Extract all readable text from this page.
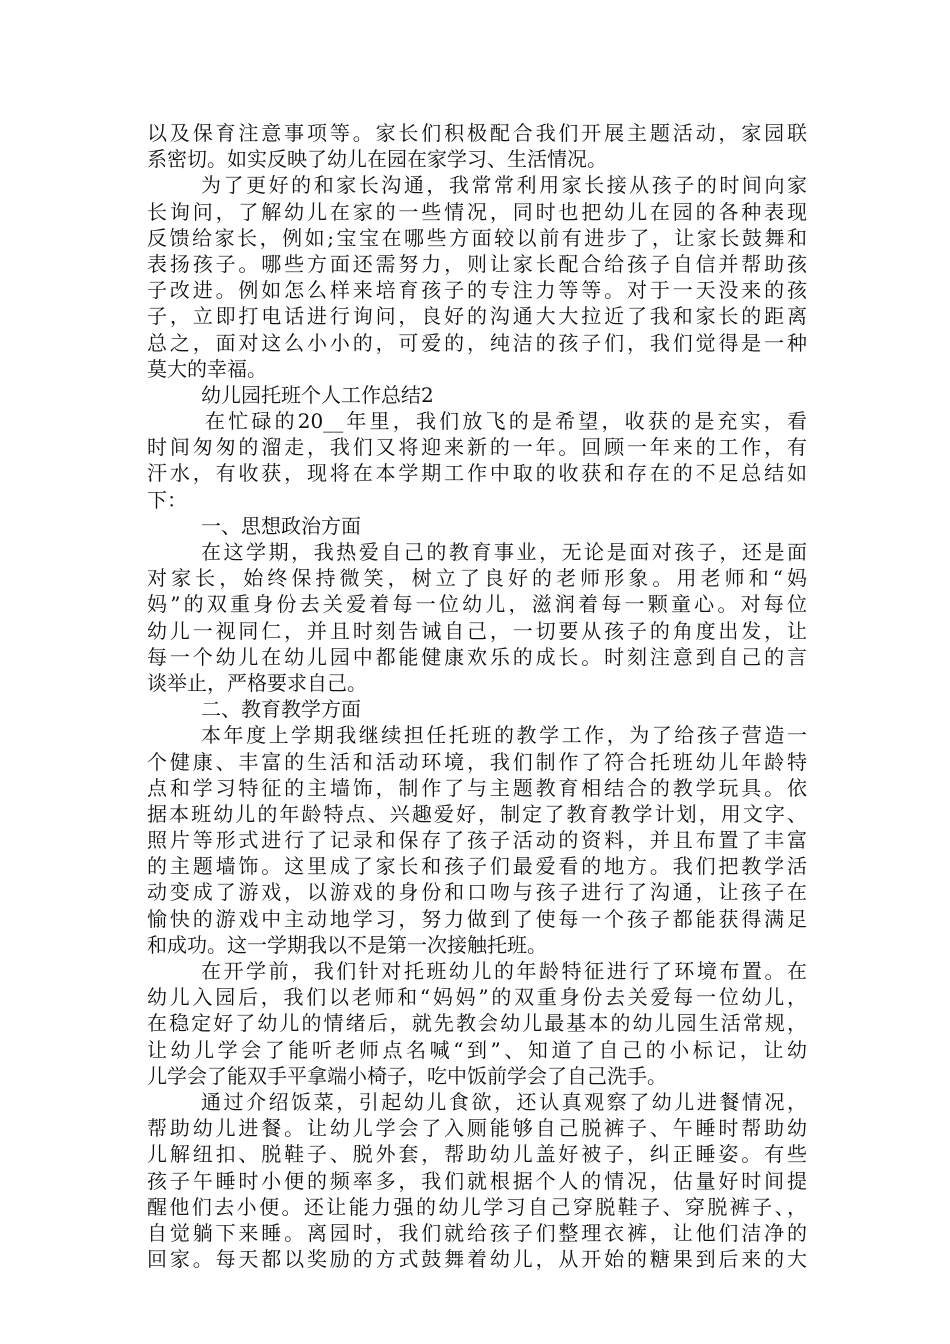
以及保育注意事项等。家长们积极配合我们开展主题活动，家园联
系密切。如实反映了幼儿在园在家学习、生活情况。
为了更好的和家长沟通，我常常利用家长接从孩子的时间向家
长询问，了解幼儿在家的一些情况，同时也把幼儿在园的各种表现
反馈给家长，例如;宝宝在哪些方面较以前有进步了，让家长鼓舞和
表扬孩子。哪些方面还需努力，则让家长配合给孩子自信并帮助孩
子改进。例如怎么样来培育孩子的专注力等等。对于一天没来的孩
子，立即打电话进行询问，良好的沟通大大拉近了我和家长的距离
总之，面对这么小小的，可爱的，纯洁的孩子们，我们觉得是一种
莫大的幸福。
幼儿园托班个人工作总结2
在忙碌的20__年里，我们放飞的是希望，收获的是充实，看
时间匆匆的溜走，我们又将迎来新的一年。回顾一年来的工作，有
汗水，有收获，现将在本学期工作中取的收获和存在的不足总结如
下：
一、思想政治方面
在这学期，我热爱自己的教育事业，无论是面对孩子，还是面
对家长，始终保持微笑，树立了良好的老师形象。用老师和“妈
妈”的双重身份去关爱着每一位幼儿，滋润着每一颗童心。对每位
幼儿一视同仁，并且时刻告诫自己，一切要从孩子的角度出发，让
每一个幼儿在幼儿园中都能健康欢乐的成长。时刻注意到自己的言
谈举止，严格要求自己。
二、教育教学方面
本年度上学期我继续担任托班的教学工作，为了给孩子营造一
个健康、丰富的生活和活动环境，我们制作了符合托班幼儿年龄特
点和学习特征的主墙饰，制作了与主题教育相结合的教学玩具。依
据本班幼儿的年龄特点、兴趣爱好，制定了教育教学计划，用文字、
照片等形式进行了记录和保存了孩子活动的资料，并且布置了丰富
的主题墙饰。这里成了家长和孩子们最爱看的地方。我们把教学活
动变成了游戏，以游戏的身份和口吻与孩子进行了沟通，让孩子在
愉快的游戏中主动地学习，努力做到了使每一个孩子都能获得满足
和成功。这一学期我以不是第一次接触托班。
在开学前，我们针对托班幼儿的年龄特征进行了环境布置。在
幼儿入园后，我们以老师和“妈妈”的双重身份去关爱每一位幼儿，
在稳定好了幼儿的情绪后，就先教会幼儿最基本的幼儿园生活常规，
让幼儿学会了能听老师点名喊“到”、知道了自己的小标记，让幼
儿学会了能双手平拿端小椅子，吃中饭前学会了自己洗手。
通过介绍饭菜，引起幼儿食欲，还认真观察了幼儿进餐情况，
帮助幼儿进餐。让幼儿学会了入厕能够自己脱裤子、午睡时帮助幼
儿解纽扣、脱鞋子、脱外套，帮助幼儿盖好被子，纠正睡姿。有些
孩子午睡时小便的频率多，我们就根据个人的情况，估量好时间提
醒他们去小便。还让能力强的幼儿学习自己穿脱鞋子、穿脱裤子、，
自觉躺下来睡。离园时，我们就给孩子们整理衣裤，让他们洁净的
回家。每天都以奖励的方式鼓舞着幼儿，从开始的糖果到后来的大
